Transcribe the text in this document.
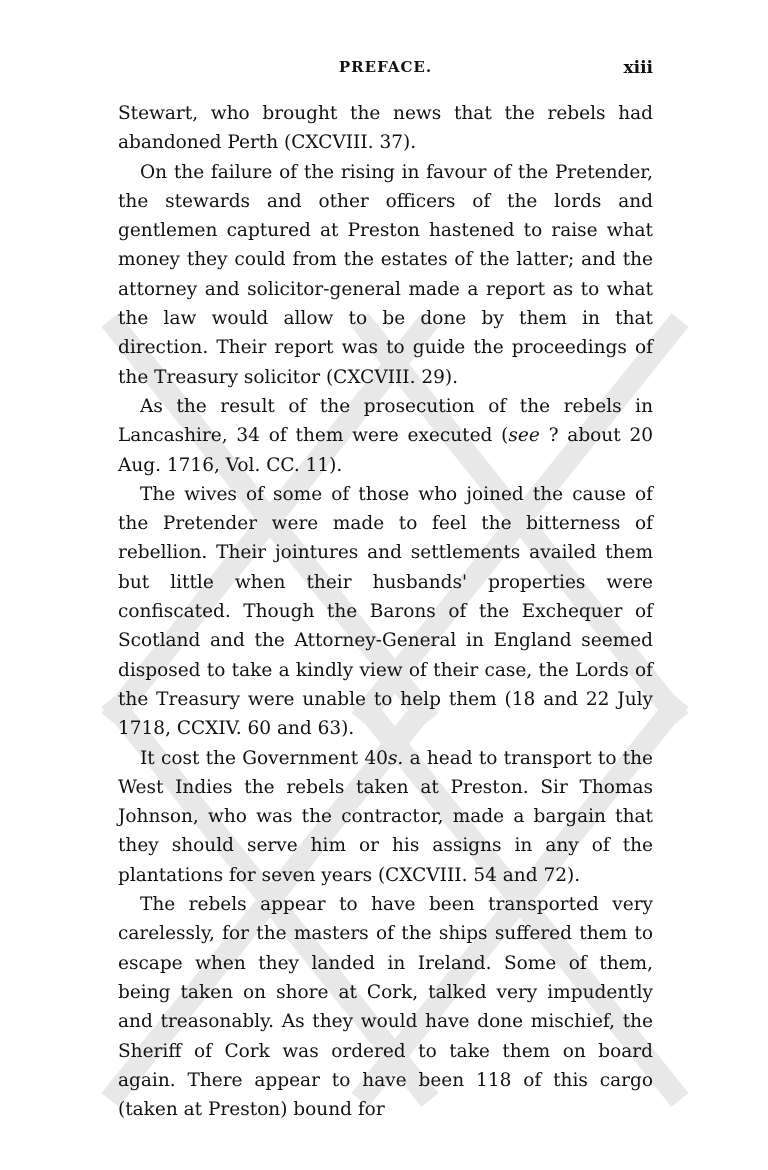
PREFACE.	xiii

Stewart, who brought the news that the rebels had abandoned Perth (CXCVIII. 37).

On the failure of the rising in favour of the Pretender, the stewards and other officers of the lords and gentlemen captured at Preston hastened to raise what money they could from the estates of the latter; and the attorney and solicitor-general made a report as to what the law would allow to be done by them in that direction. Their report was to guide the proceedings of the Treasury solicitor (CXCVIII. 29).

As the result of the prosecution of the rebels in Lancashire, 34 of them were executed (see ? about 20 Aug. 1716, Vol. CC. 11).

The wives of some of those who joined the cause of the Pretender were made to feel the bitterness of rebellion. Their jointures and settlements availed them but little when their husbands' properties were confiscated. Though the Barons of the Exchequer of Scotland and the Attorney-General in England seemed disposed to take a kindly view of their case, the Lords of the Treasury were unable to help them (18 and 22 July 1718, CCXIV. 60 and 63).

It cost the Government 40s. a head to transport to the West Indies the rebels taken at Preston. Sir Thomas Johnson, who was the contractor, made a bargain that they should serve him or his assigns in any of the plantations for seven years (CXCVIII. 54 and 72).

The rebels appear to have been transported very carelessly, for the masters of the ships suffered them to escape when they landed in Ireland. Some of them, being taken on shore at Cork, talked very impudently and treasonably. As they would have done mischief, the Sheriff of Cork was ordered to take them on board again. There appear to have been 118 of this cargo (taken at Preston) bound for
